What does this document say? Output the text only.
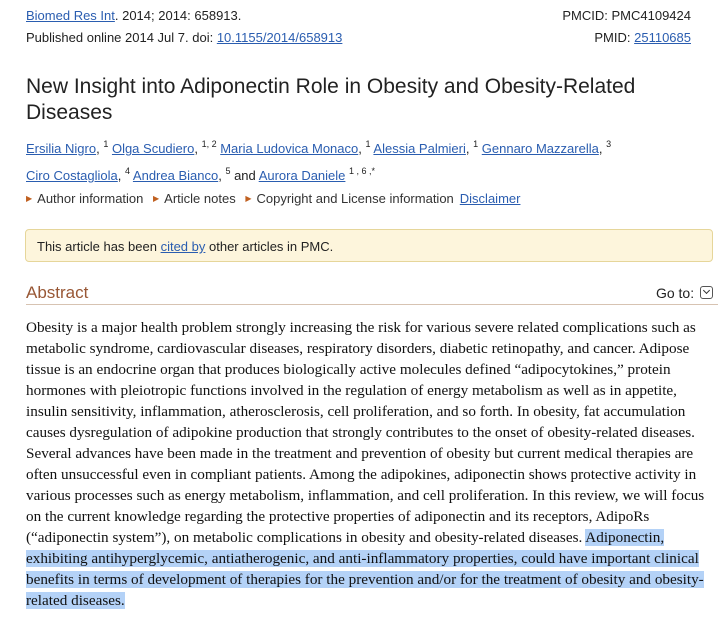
Biomed Res Int. 2014; 2014: 658913.
Published online 2014 Jul 7. doi: 10.1155/2014/658913
PMCID: PMC4109424
PMID: 25110685
New Insight into Adiponectin Role in Obesity and Obesity-Related Diseases
Ersilia Nigro, $^1$ Olga Scudiero, $^{1, 2}$ Maria Ludovica Monaco, $^1$ Alessia Palmieri, $^1$ Gennaro Mazzarella, $^3$
Ciro Costagliola, $^4$ Andrea Bianco, $^5$ and Aurora Daniele $^{1 , 6 ,*}$
▶ Author information ▶ Article notes ▶ Copyright and License information Disclaimer
This article has been cited by other articles in PMC.
Abstract	Go to:

Obesity is a major health problem strongly increasing the risk for various severe related complications such as metabolic syndrome, cardiovascular diseases, respiratory disorders, diabetic retinopathy, and cancer. Adipose tissue is an endocrine organ that produces biologically active molecules defined “adipocytokines,” protein hormones with pleiotropic functions involved in the regulation of energy metabolism as well as in appetite, insulin sensitivity, inflammation, atherosclerosis, cell proliferation, and so forth. In obesity, fat accumulation causes dysregulation of adipokine production that strongly contributes to the onset of obesity-related diseases. Several advances have been made in the treatment and prevention of obesity but current medical therapies are often unsuccessful even in compliant patients. Among the adipokines, adiponectin shows protective activity in various processes such as energy metabolism, inflammation, and cell proliferation. In this review, we will focus on the current knowledge regarding the protective properties of adiponectin and its receptors, AdipoRs (“adiponectin system”), on metabolic complications in obesity and obesity-related diseases. Adiponectin, exhibiting antihyperglycemic, antiatherogenic, and anti-inflammatory properties, could have important clinical benefits in terms of development of therapies for the prevention and/or for the treatment of obesity and obesity-related diseases.
